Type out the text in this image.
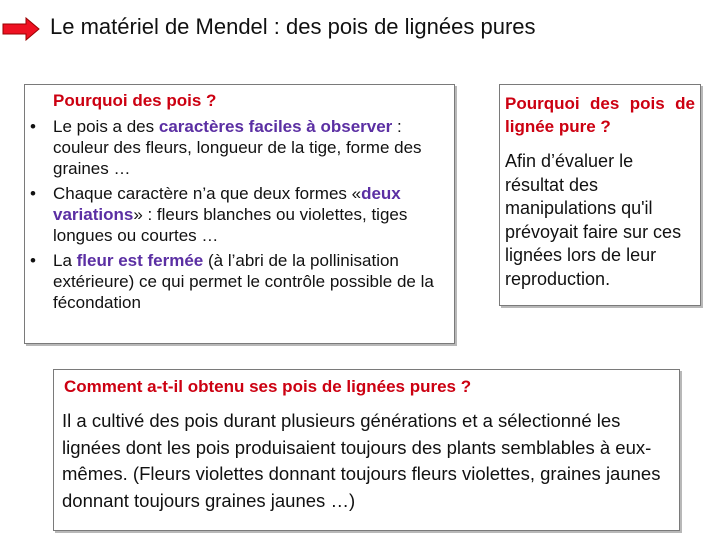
Le matériel de Mendel : des pois de lignées pures
Pourquoi des pois ?
• Le pois a des caractères faciles à observer : couleur des fleurs, longueur de la tige, forme des graines …
• Chaque caractère n’a que deux formes «deux variations» : fleurs blanches ou violettes, tiges longues ou courtes …
• La fleur est fermée (à l’abri de la pollinisation extérieure) ce qui permet le contrôle possible de la fécondation
Pourquoi des pois de lignée pure ?
Afin d’évaluer le résultat des manipulations qu'il prévoyait faire sur ces lignées lors de leur reproduction.
Comment a-t-il obtenu ses pois de lignées pures ?
Il a cultivé des pois durant plusieurs générations et a sélectionné les lignées dont les pois produisaient toujours des plants semblables à eux-mêmes. (Fleurs violettes donnant toujours fleurs violettes, graines jaunes donnant toujours graines jaunes …)
